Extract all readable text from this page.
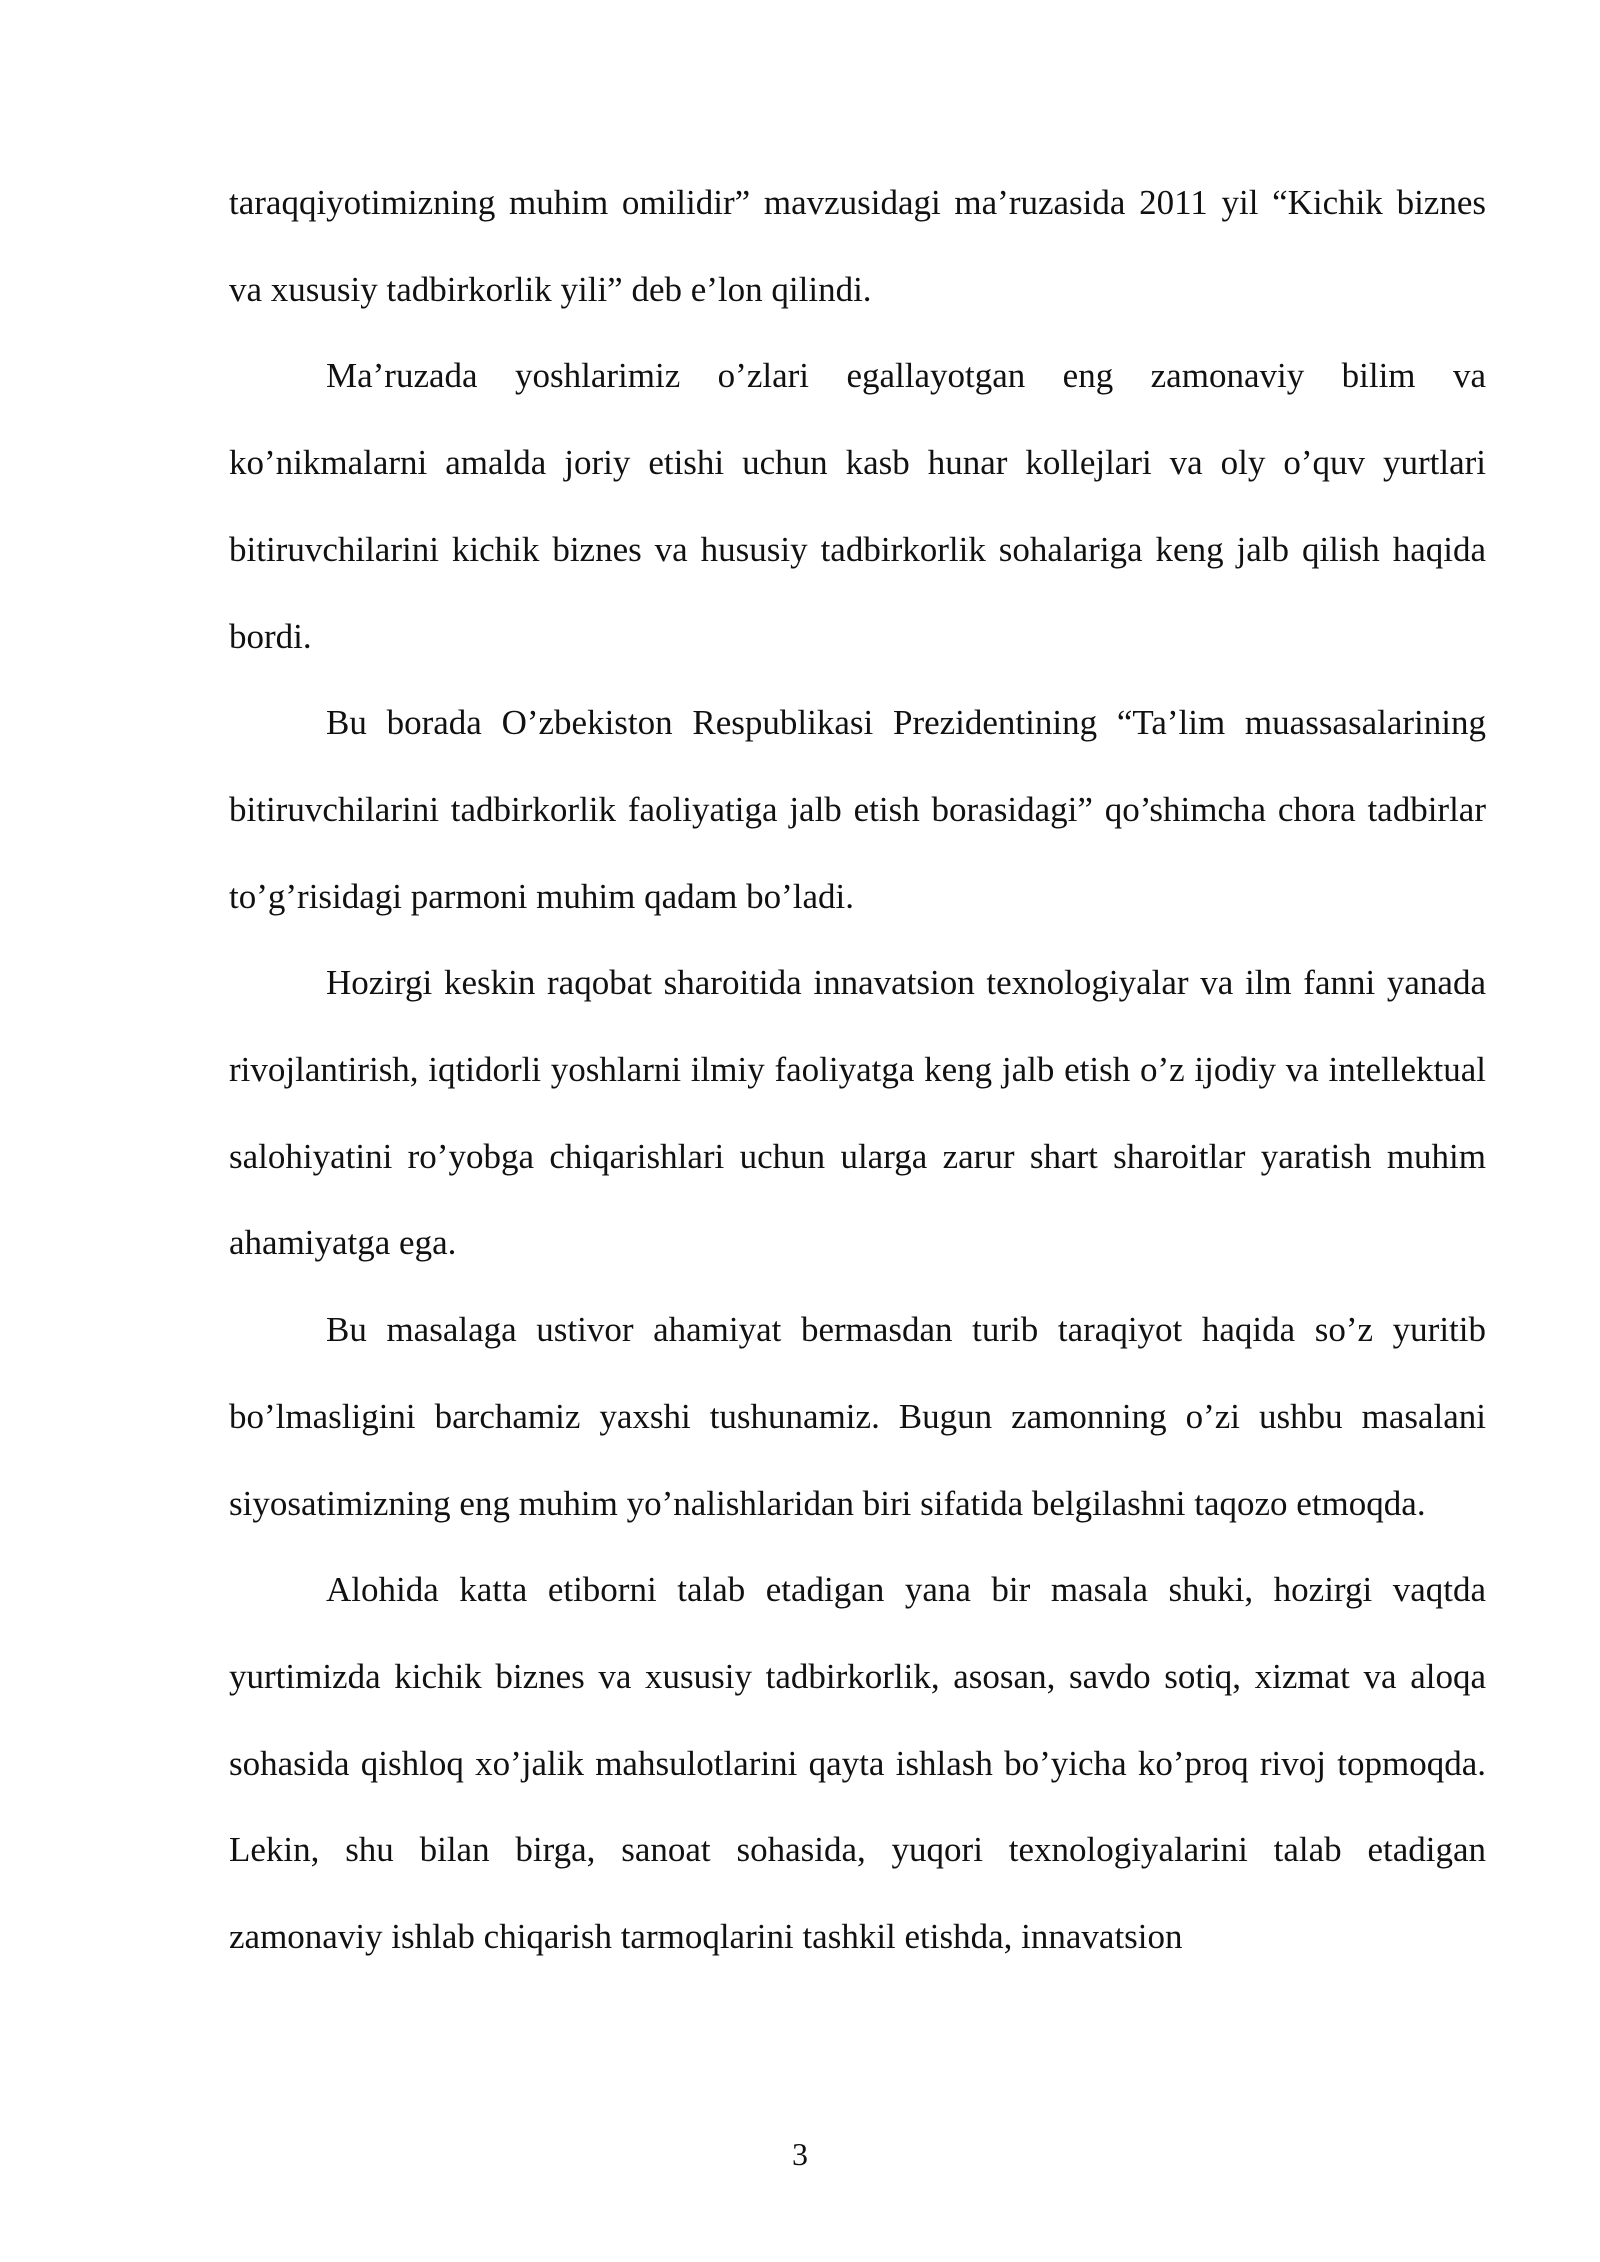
taraqqiyotimizning muhim omilidir” mavzusidagi ma’ruzasida 2011 yil “Kichik biznes va xususiy tadbirkorlik yili” deb e’lon qilindi.

Ma’ruzada yoshlarimiz o’zlari egallayotgan eng zamonaviy bilim va ko’nikmalarni amalda joriy etishi uchun kasb hunar kollejlari va oly o’quv yurtlari bitiruvchilarini kichik biznes va hususiy tadbirkorlik sohalariga keng jalb qilish haqida bordi.

Bu borada O’zbekiston Respublikasi Prezidentining “Ta’lim muassasalarining bitiruvchilarini tadbirkorlik faoliyatiga jalb etish borasidagi” qo’shimcha chora tadbirlar to’g’risidagi parmoni muhim qadam bo’ladi.

Hozirgi keskin raqobat sharoitida innavatsion texnologiyalar va ilm fanni yanada rivojlantirish, iqtidorli yoshlarni ilmiy faoliyatga keng jalb etish o’z ijodiy va intellektual salohiyatini ro’yobga chiqarishlari uchun ularga zarur shart sharoitlar yaratish muhim ahamiyatga ega.

Bu masalaga ustivor ahamiyat bermasdan turib taraqiyot haqida so’z yuritib bo’lmasligini barchamiz yaxshi tushunamiz. Bugun zamonning o’zi ushbu masalani siyosatimizning eng muhim yo’nalishlaridan biri sifatida belgilashni taqozo etmoqda.

Alohida katta etiborni talab etadigan yana bir masala shuki, hozirgi vaqtda yurtimizda kichik biznes va xususiy tadbirkorlik, asosan, savdo sotiq, xizmat va aloqa sohasida qishloq xo’jalik mahsulotlarini qayta ishlash bo’yicha ko’proq rivoj topmoqda. Lekin, shu bilan birga, sanoat sohasida, yuqori texnologiyalarini talab etadigan zamonaviy ishlab chiqarish tarmoqlarini tashkil etishda, innavatsion

3
